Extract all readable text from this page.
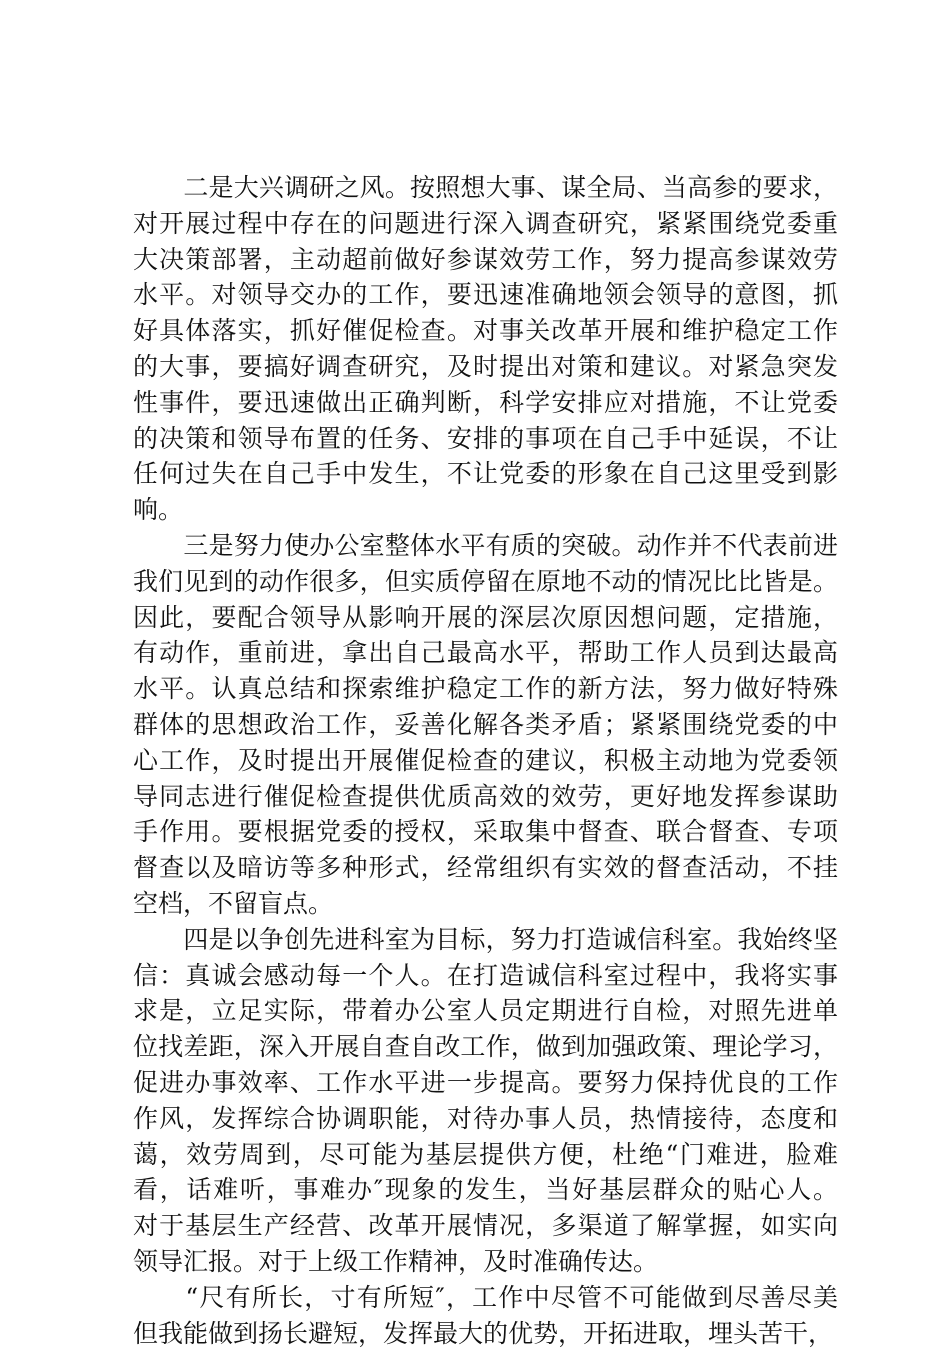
　　二是大兴调研之风。按照想大事、谋全局、当高参的要求，
对开展过程中存在的问题进行深入调查研究，紧紧围绕党委重
大决策部署，主动超前做好参谋效劳工作，努力提高参谋效劳
水平。对领导交办的工作，要迅速准确地领会领导的意图，抓
好具体落实，抓好催促检查。对事关改革开展和维护稳定工作
的大事，要搞好调查研究，及时提出对策和建议。对紧急突发
性事件，要迅速做出正确判断，科学安排应对措施，不让党委
的决策和领导布置的任务、安排的事项在自己手中延误，不让
任何过失在自己手中发生，不让党委的形象在自己这里受到影
响。

　　三是努力使办公室整体水平有质的突破。动作并不代表前进
我们见到的动作很多，但实质停留在原地不动的情况比比皆是。
因此，要配合领导从影响开展的深层次原因想问题，定措施，
有动作，重前进，拿出自己最高水平，帮助工作人员到达最高
水平。认真总结和探索维护稳定工作的新方法，努力做好特殊
群体的思想政治工作，妥善化解各类矛盾；紧紧围绕党委的中
心工作，及时提出开展催促检查的建议，积极主动地为党委领
导同志进行催促检查提供优质高效的效劳，更好地发挥参谋助
手作用。要根据党委的授权，采取集中督查、联合督查、专项
督查以及暗访等多种形式，经常组织有实效的督查活动，不挂
空档，不留盲点。

　　四是以争创先进科室为目标，努力打造诚信科室。我始终坚
信：真诚会感动每一个人。在打造诚信科室过程中，我将实事
求是，立足实际，带着办公室人员定期进行自检，对照先进单
位找差距，深入开展自查自改工作，做到加强政策、理论学习，
促进办事效率、工作水平进一步提高。要努力保持优良的工作
作风，发挥综合协调职能，对待办事人员，热情接待，态度和
蔼，效劳周到，尽可能为基层提供方便，杜绝“门难进，脸难
看，话难听，事难办″现象的发生，当好基层群众的贴心人。
对于基层生产经营、改革开展情况，多渠道了解掌握，如实向
领导汇报。对于上级工作精神，及时准确传达。

　　“尺有所长，寸有所短″，工作中尽管不可能做到尽善尽美
但我能做到扬长避短，发挥最大的优势，开拓进取，埋头苦干，
